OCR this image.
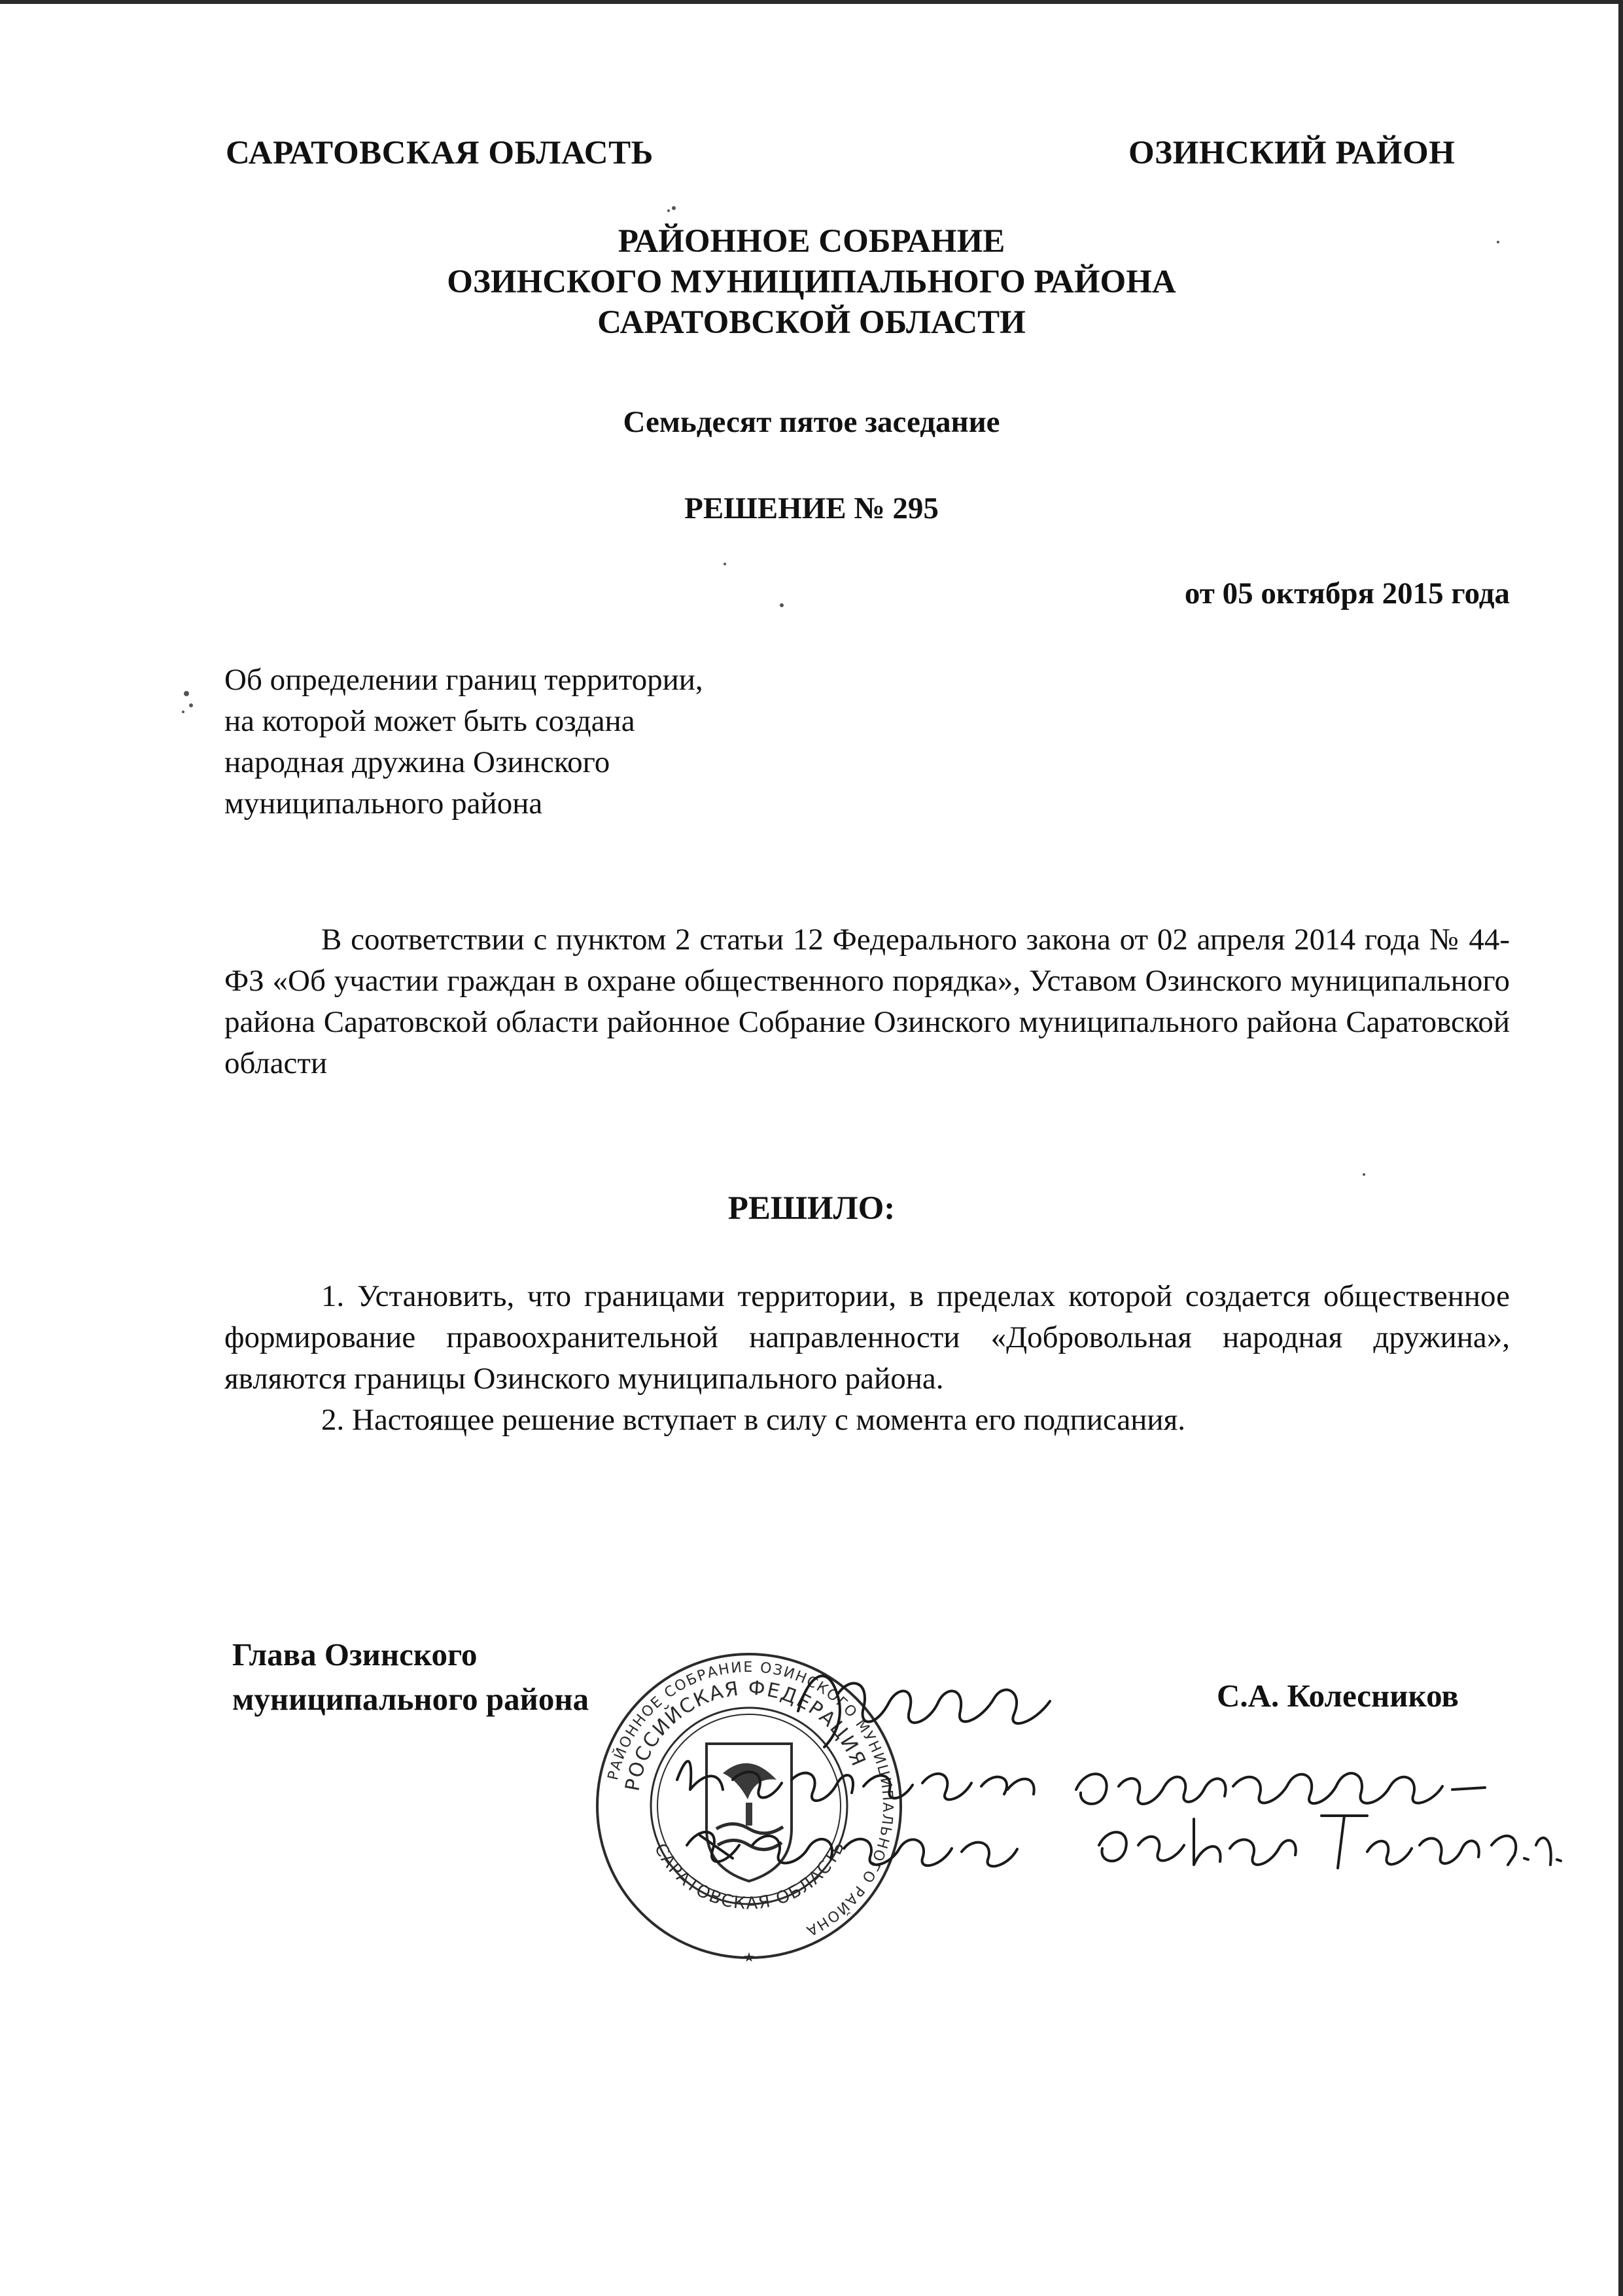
САРАТОВСКАЯ ОБЛАСТЬ	ОЗИНСКИЙ РАЙОН
РАЙОННОЕ СОБРАНИЕ
ОЗИНСКОГО МУНИЦИПАЛЬНОГО РАЙОНА
САРАТОВСКОЙ ОБЛАСТИ
Семьдесят пятое заседание
РЕШЕНИЕ № 295
от 05 октября 2015 года
Об определении границ территории,
на которой может быть создана
народная дружина Озинского
муниципального района
В соответствии с пунктом 2 статьи 12 Федерального закона от 02 апреля 2014 года № 44-ФЗ «Об участии граждан в охране общественного порядка», Уставом Озинского муниципального района Саратовской области районное Собрание Озинского муниципального района Саратовской области
РЕШИЛО:

1. Установить, что границами территории, в пределах которой создается общественное формирование правоохранительной направленности «Добровольная народная дружина», являются границы Озинского муниципального района.

2. Настоящее решение вступает в силу с момента его подписания.

Глава Озинского
муниципального района	С.А. Колесников
РАЙОННОЕ СОБРАНИЕ ОЗИНСКОГО МУНИЦИПАЛЬНОГО РАЙОНА
РОССИЙСКАЯ ФЕДЕРАЦИЯ
САРАТОВСКАЯ ОБЛАСТЬ
★
